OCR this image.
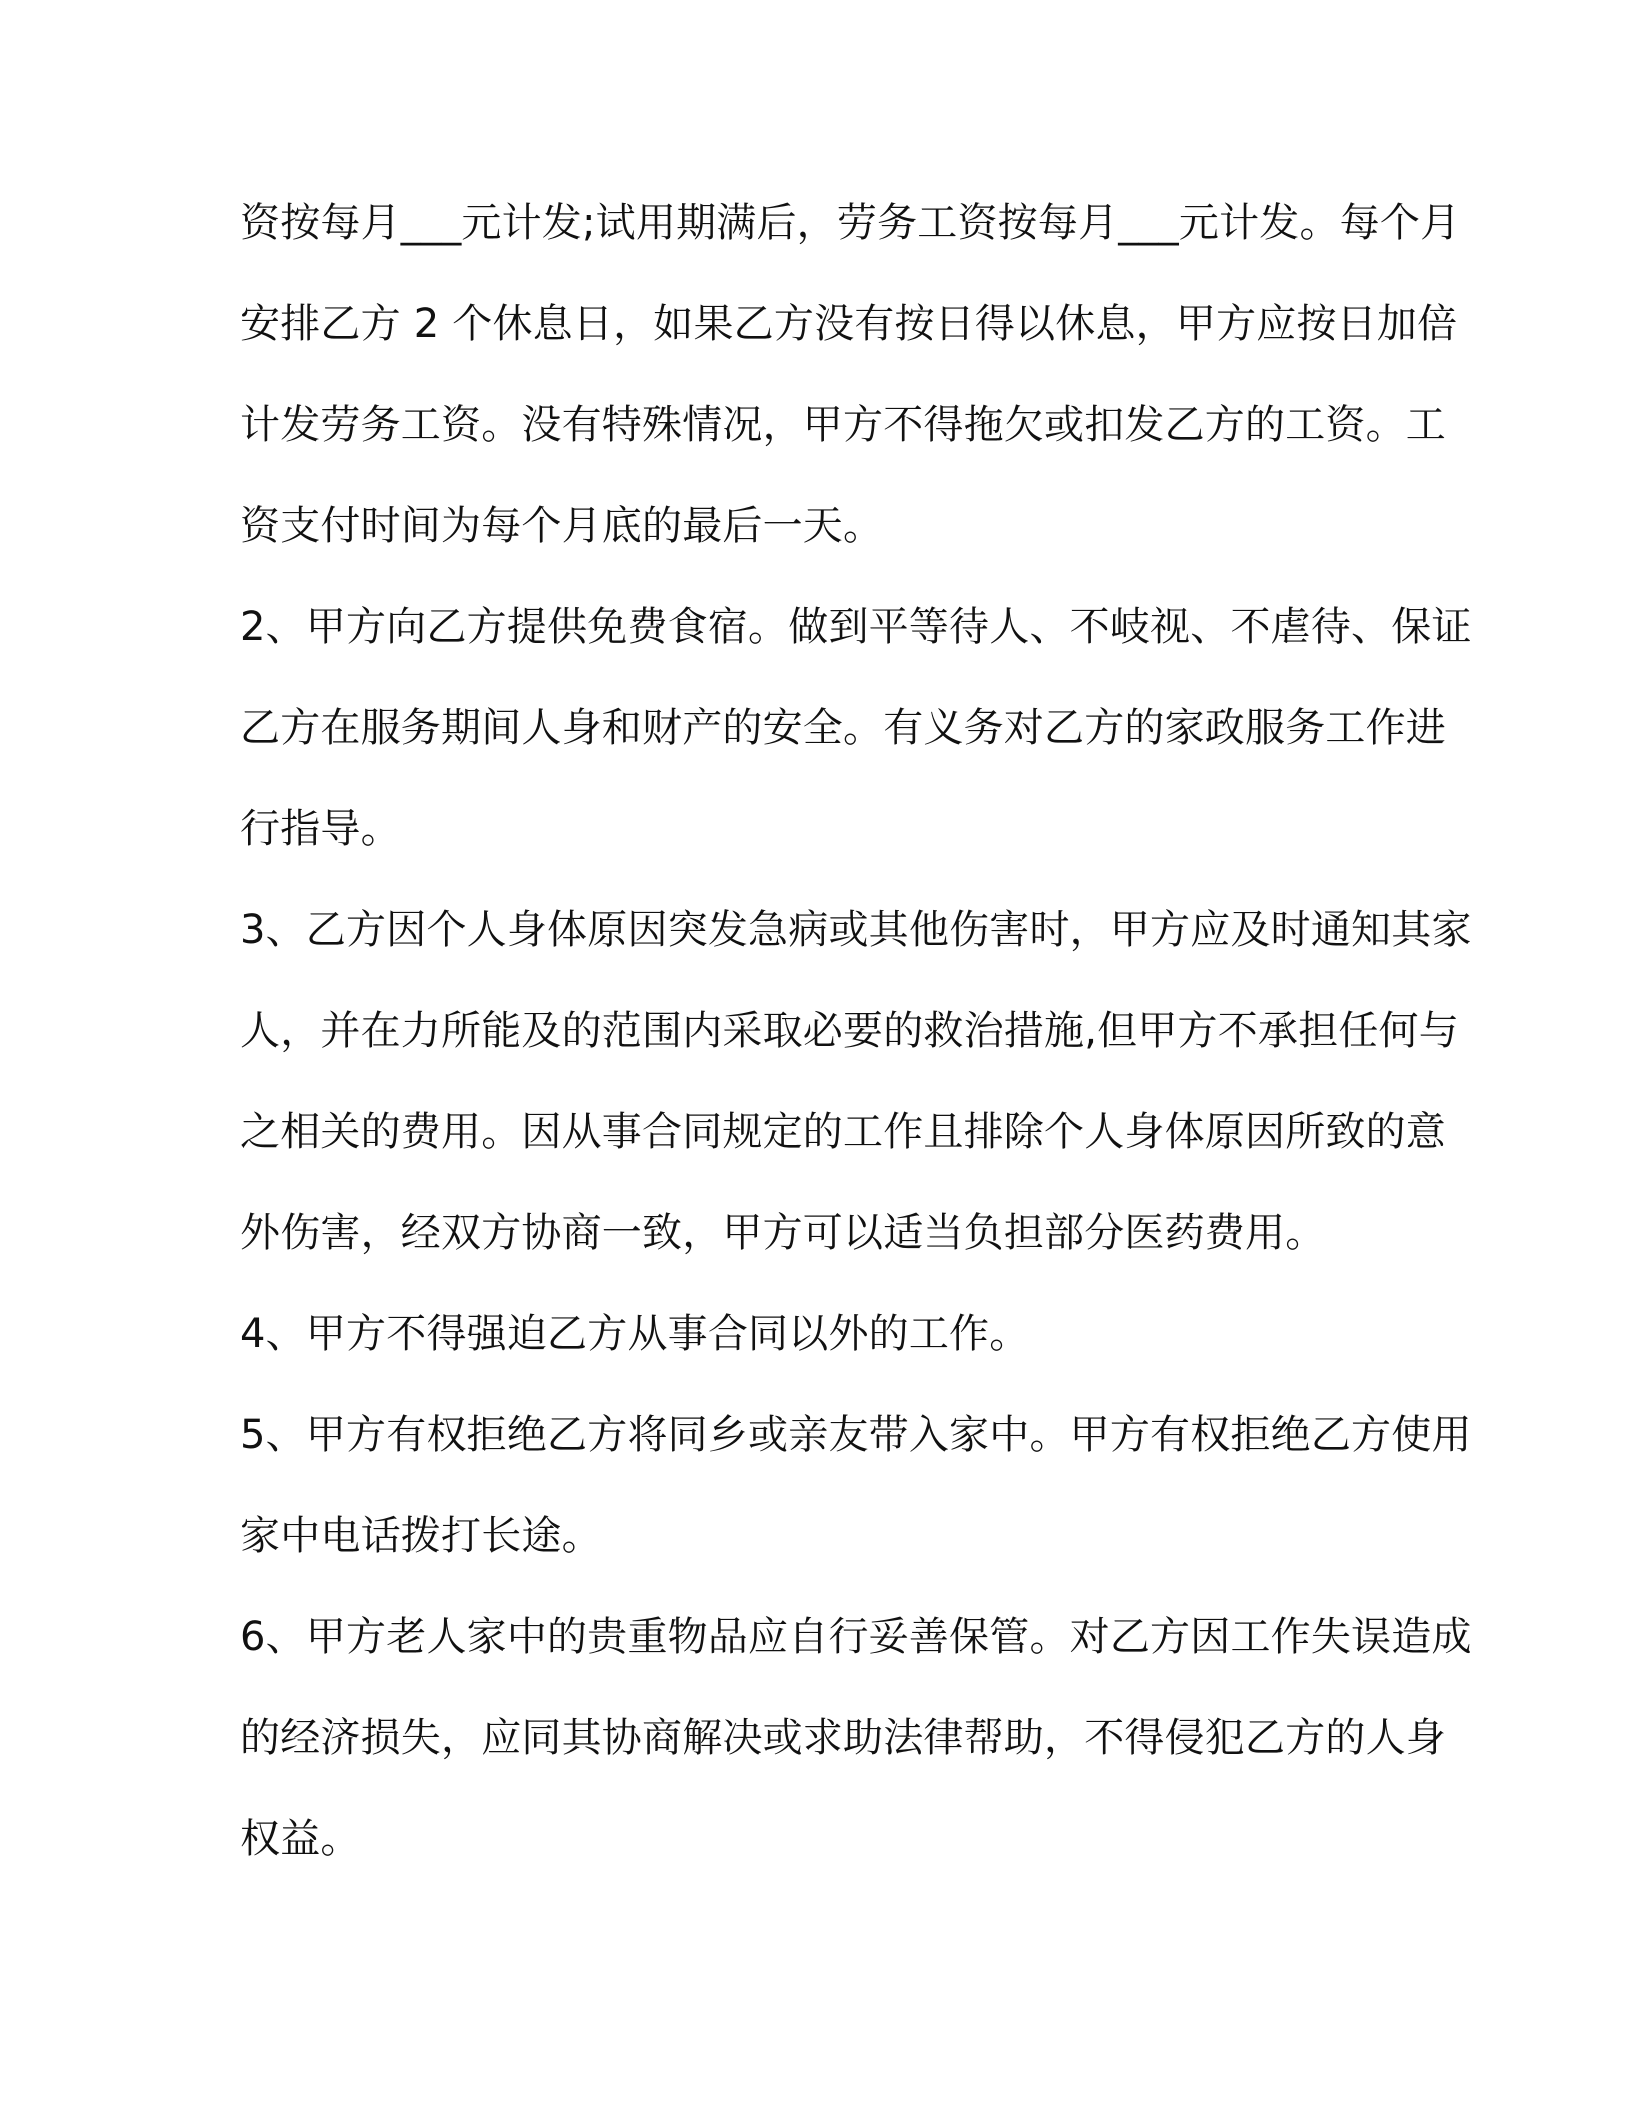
资按每月___元计发;试用期满后，劳务工资按每月___元计发。每个月
安排乙方 2 个休息日，如果乙方没有按日得以休息，甲方应按日加倍
计发劳务工资。没有特殊情况，甲方不得拖欠或扣发乙方的工资。工
资支付时间为每个月底的最后一天。
2、甲方向乙方提供免费食宿。做到平等待人、不岐视、不虐待、保证
乙方在服务期间人身和财产的安全。有义务对乙方的家政服务工作进
行指导。
3、乙方因个人身体原因突发急病或其他伤害时，甲方应及时通知其家
人，并在力所能及的范围内采取必要的救治措施,但甲方不承担任何与
之相关的费用。因从事合同规定的工作且排除个人身体原因所致的意
外伤害，经双方协商一致，甲方可以适当负担部分医药费用。
4、甲方不得强迫乙方从事合同以外的工作。
5、甲方有权拒绝乙方将同乡或亲友带入家中。甲方有权拒绝乙方使用
家中电话拨打长途。
6、甲方老人家中的贵重物品应自行妥善保管。对乙方因工作失误造成
的经济损失，应同其协商解决或求助法律帮助，不得侵犯乙方的人身
权益。
